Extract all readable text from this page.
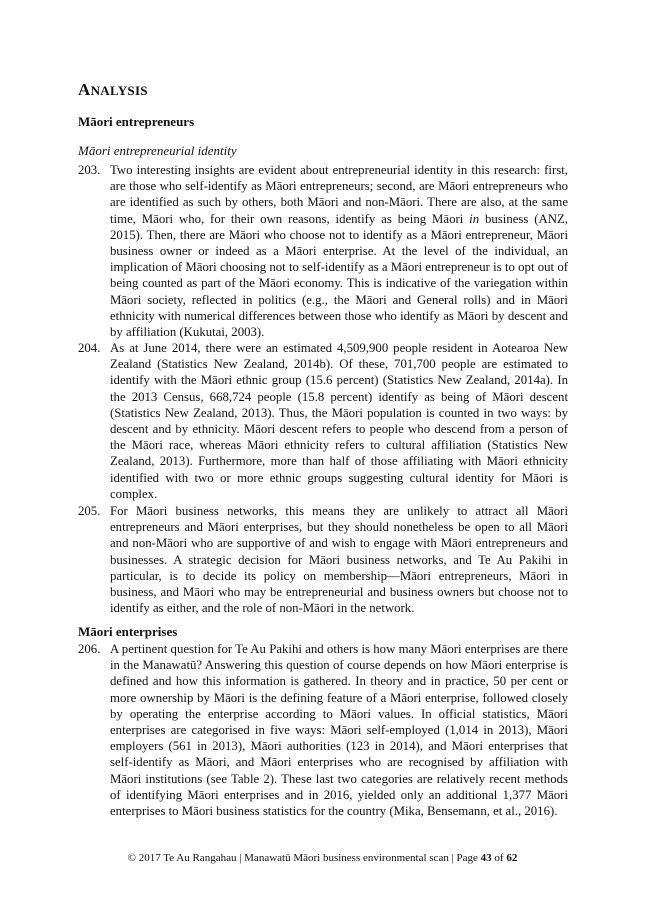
ANALYSIS
Māori entrepreneurs
Māori entrepreneurial identity
203. Two interesting insights are evident about entrepreneurial identity in this research: first, are those who self-identify as Māori entrepreneurs; second, are Māori entrepreneurs who are identified as such by others, both Māori and non-Māori. There are also, at the same time, Māori who, for their own reasons, identify as being Māori in business (ANZ, 2015). Then, there are Māori who choose not to identify as a Māori entrepreneur, Māori business owner or indeed as a Māori enterprise. At the level of the individual, an implication of Māori choosing not to self-identify as a Māori entrepreneur is to opt out of being counted as part of the Māori economy. This is indicative of the variegation within Māori society, reflected in politics (e.g., the Māori and General rolls) and in Māori ethnicity with numerical differences between those who identify as Māori by descent and by affiliation (Kukutai, 2003).
204. As at June 2014, there were an estimated 4,509,900 people resident in Aotearoa New Zealand (Statistics New Zealand, 2014b). Of these, 701,700 people are estimated to identify with the Māori ethnic group (15.6 percent) (Statistics New Zealand, 2014a). In the 2013 Census, 668,724 people (15.8 percent) identify as being of Māori descent (Statistics New Zealand, 2013). Thus, the Māori population is counted in two ways: by descent and by ethnicity. Māori descent refers to people who descend from a person of the Māori race, whereas Māori ethnicity refers to cultural affiliation (Statistics New Zealand, 2013). Furthermore, more than half of those affiliating with Māori ethnicity identified with two or more ethnic groups suggesting cultural identity for Māori is complex.
205. For Māori business networks, this means they are unlikely to attract all Māori entrepreneurs and Māori enterprises, but they should nonetheless be open to all Māori and non-Māori who are supportive of and wish to engage with Māori entrepreneurs and businesses. A strategic decision for Māori business networks, and Te Au Pakihi in particular, is to decide its policy on membership—Māori entrepreneurs, Māori in business, and Māori who may be entrepreneurial and business owners but choose not to identify as either, and the role of non-Māori in the network.
Māori enterprises
206. A pertinent question for Te Au Pakihi and others is how many Māori enterprises are there in the Manawatū? Answering this question of course depends on how Māori enterprise is defined and how this information is gathered. In theory and in practice, 50 per cent or more ownership by Māori is the defining feature of a Māori enterprise, followed closely by operating the enterprise according to Māori values. In official statistics, Māori enterprises are categorised in five ways: Māori self-employed (1,014 in 2013), Māori employers (561 in 2013), Māori authorities (123 in 2014), and Māori enterprises that self-identify as Māori, and Māori enterprises who are recognised by affiliation with Māori institutions (see Table 2). These last two categories are relatively recent methods of identifying Māori enterprises and in 2016, yielded only an additional 1,377 Māori enterprises to Māori business statistics for the country (Mika, Bensemann, et al., 2016).
© 2017 Te Au Rangahau | Manawatū Māori business environmental scan | Page 43 of 62
